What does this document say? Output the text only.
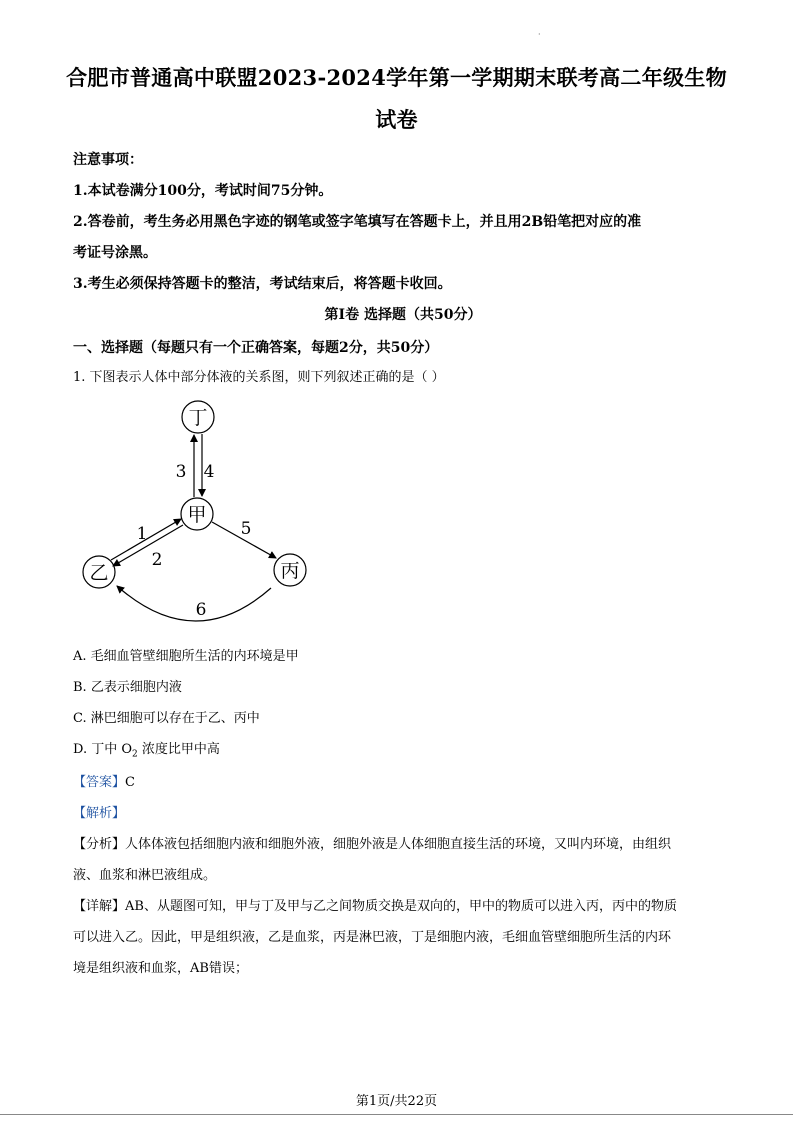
·
合肥市普通高中联盟2023-2024学年第一学期期末联考高二年级生物
试卷
注意事项：
1.本试卷满分100分，考试时间75分钟。
2.答卷前，考生务必用黑色字迹的钢笔或签字笔填写在答题卡上，并且用2B铅笔把对应的准
考证号涂黑。
3.考生必须保持答题卡的整洁，考试结束后，将答题卡收回。
第I卷 选择题（共50分）
一、选择题（每题只有一个正确答案，每题2分，共50分）
1. 下图表示人体中部分体液的关系图，则下列叙述正确的是（ ）
丁
甲
乙	丙
3 4
1
2
5
6
A. 毛细血管壁细胞所生活的内环境是甲
B. 乙表示细胞内液
C. 淋巴细胞可以存在于乙、丙中
D. 丁中 $O_2$ 浓度比甲中高
【答案】C
【解析】
【分析】人体体液包括细胞内液和细胞外液，细胞外液是人体细胞直接生活的环境，又叫内环境，由组织
液、血浆和淋巴液组成。
【详解】AB、从题图可知，甲与丁及甲与乙之间物质交换是双向的，甲中的物质可以进入丙，丙中的物质
可以进入乙。因此，甲是组织液，乙是血浆，丙是淋巴液，丁是细胞内液，毛细血管壁细胞所生活的内环
境是组织液和血浆，AB错误；
第1页/共22页
